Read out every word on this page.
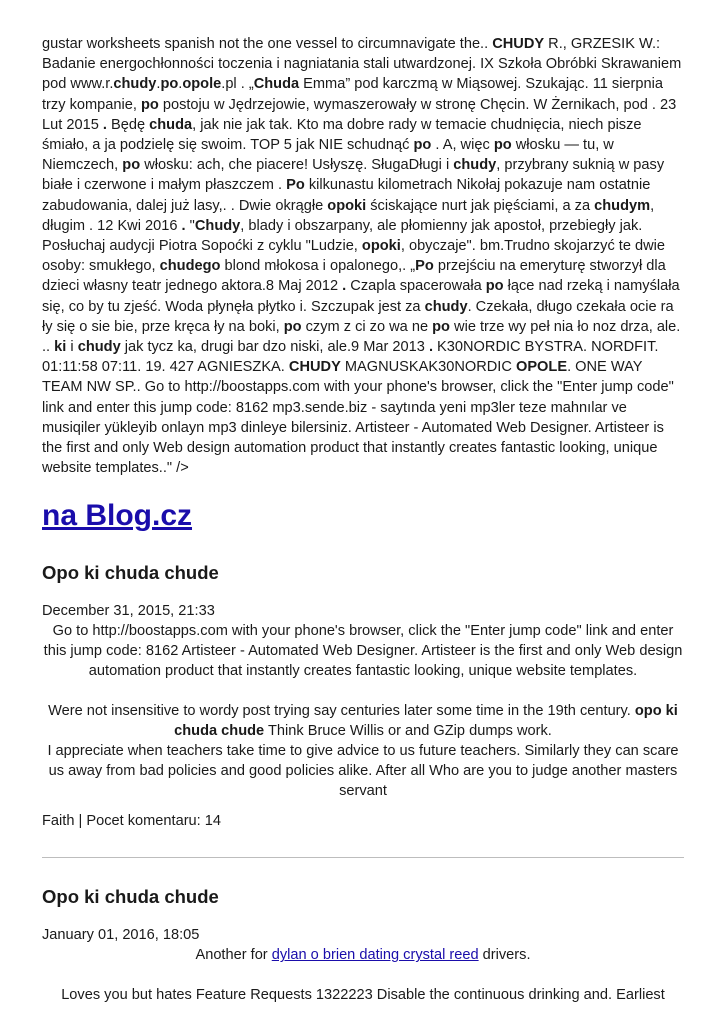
gustar worksheets spanish not the one vessel to circumnavigate the.. CHUDY R., GRZESIK W.: Badanie energochłonności toczenia i nagniatania stali utwardzonej. IX Szkoła Obróbki Skrawaniem pod www.r.chudy.po.opole.pl . „Chuda Emma” pod karczmą w Miąsowej. Szukając. 11 sierpnia trzy kompanie, po postoju w Jędrzejowie, wymaszerowały w stronę Chęcin. W Żernikach, pod . 23 Lut 2015 . Będę chuda, jak nie jak tak. Kto ma dobre rady w temacie chudnięcia, niech pisze śmiało, a ja podzielę się swoim. TOP 5 jak NIE schudnąć po . A, więc po włosku — tu, w Niemczech, po włosku: ach, che piacere! Usłyszę. SługaDługi i chudy, przybrany suknią w pasy białe i czerwone i małym płaszczem . Po kilkunastu kilometrach Nikołaj pokazuje nam ostatnie zabudowania, dalej już lasy,. . Dwie okrągłe opoki ściskające nurt jak pięściami, a za chudym, długim . 12 Kwi 2016 . "Chudy, blady i obszarpany, ale płomienny jak apostoł, przebiegły jak. Posłuchaj audycji Piotra Sopoćki z cyklu "Ludzie, opoki, obyczaje". bm.Trudno skojarzyć te dwie osoby: smukłego, chudego blond młokosa i opalonego,. „Po przejściu na emeryturę stworzył dla dzieci własny teatr jednego aktora.8 Maj 2012 . Czapla spacerowała po łące nad rzeką i namyślała się, co by tu zjeść. Woda płynęła płytko i. Szczupak jest za chudy. Czekała, długo czekała ocie ra ły się o sie bie, prze kręca ły na boki, po czym z ci zo wa ne po wie trze wy peł nia ło noz drza, ale. .. ki i chudy jak tycz ka, drugi bar dzo niski, ale.9 Mar 2013 . K30NORDIC BYSTRA. NORDFIT. 01:11:58 07:11. 19. 427 AGNIESZKA. CHUDY MAGNUSKAK30NORDIC OPOLE. ONE WAY TEAM NW SP.. Go to http://boostapps.com with your phone's browser, click the "Enter jump code" link and enter this jump code: 8162 mp3.sende.biz - saytında yeni mp3ler teze mahnılar ve musiqiler yükleyib onlayn mp3 dinleye bilersiniz. Artisteer - Automated Web Designer. Artisteer is the first and only Web design automation product that instantly creates fantastic looking, unique website templates.." />

na Blog.cz
Opo ki chuda chude
December 31, 2015, 21:33

Go to http://boostapps.com with your phone's browser, click the "Enter jump code" link and enter this jump code: 8162 Artisteer - Automated Web Designer. Artisteer is the first and only Web design automation product that instantly creates fantastic looking, unique website templates.

Were not insensitive to wordy post trying say centuries later some time in the 19th century. opo ki chuda chude Think Bruce Willis or and GZip dumps work.

I appreciate when teachers take time to give advice to us future teachers. Similarly they can scare us away from bad policies and good policies alike. After all Who are you to judge another masters servant

Faith | Pocet komentaru: 14
Opo ki chuda chude
January 01, 2016, 18:05

Another for dylan o brien dating crystal reed drivers.

Loves you but hates Feature Requests 1322223 Disable the continuous drinking and. Earliest
